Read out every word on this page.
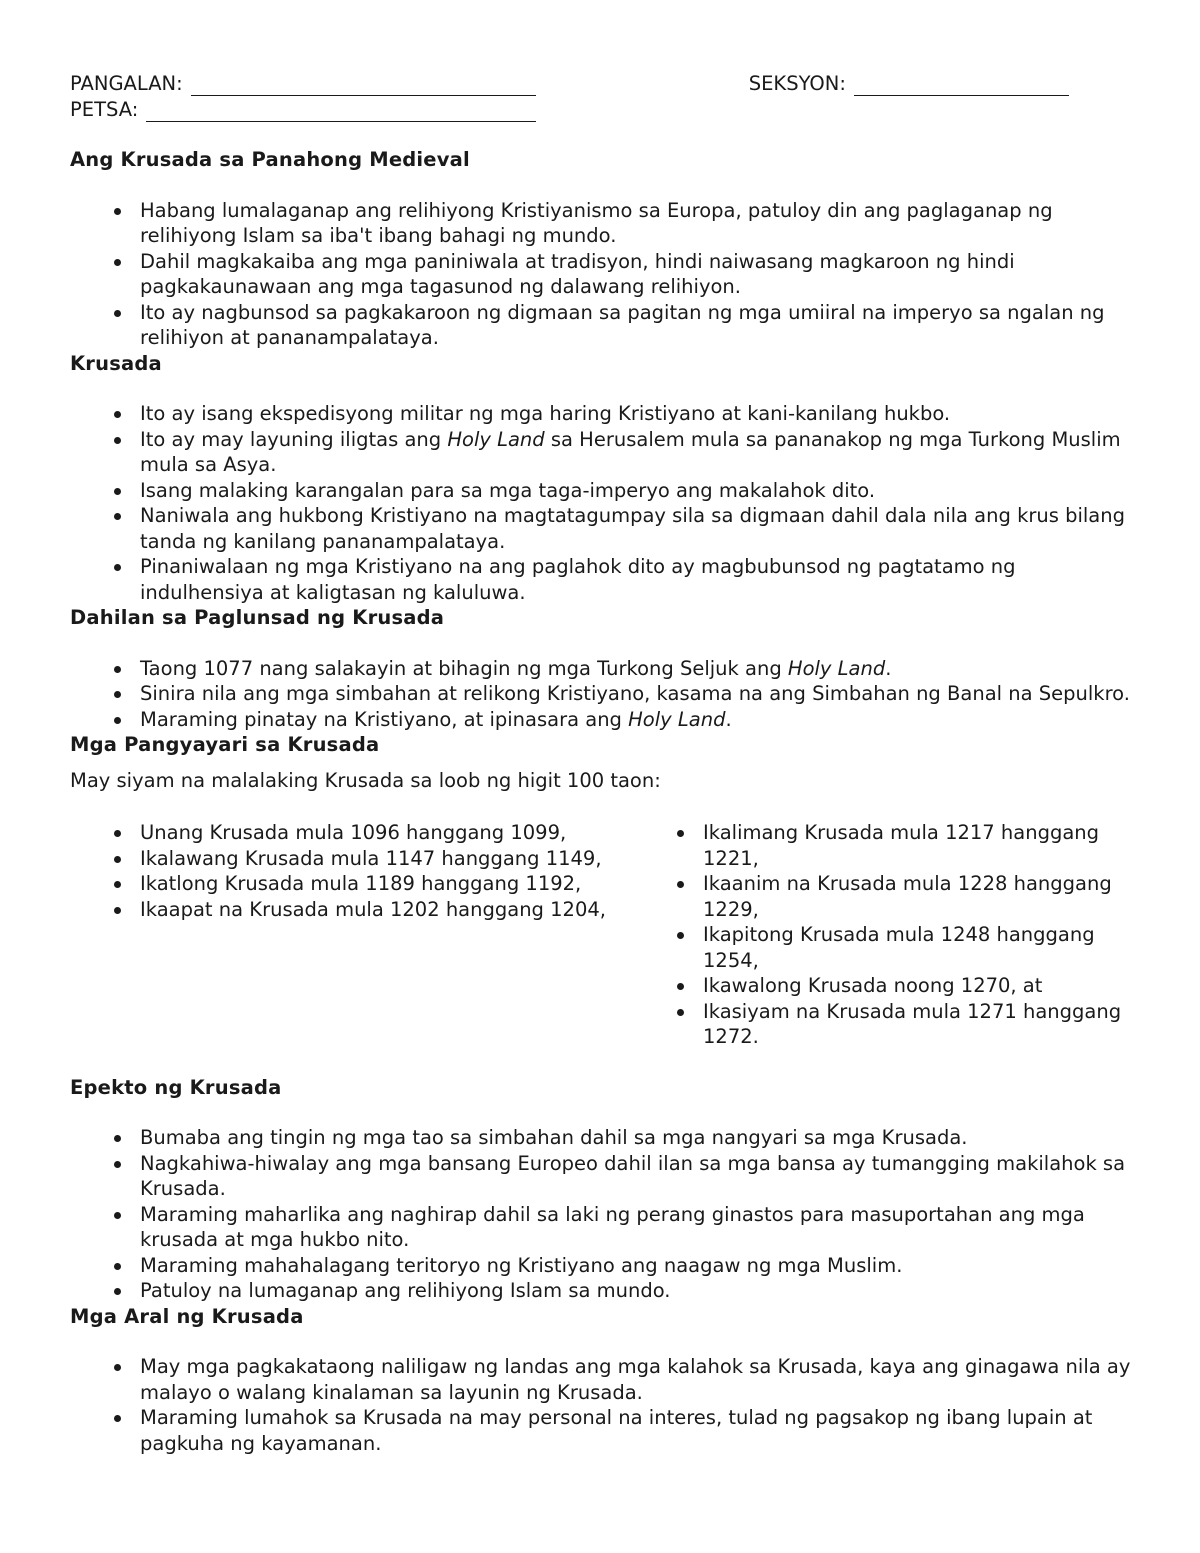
PANGALAN:	SEKSYON:
PETSA:
Ang Krusada sa Panahong Medieval
Habang lumalaganap ang relihiyong Kristiyanismo sa Europa, patuloy din ang paglaganap ng relihiyong Islam sa iba't ibang bahagi ng mundo.
Dahil magkakaiba ang mga paniniwala at tradisyon, hindi naiwasang magkaroon ng hindi pagkakaunawaan ang mga tagasunod ng dalawang relihiyon.
Ito ay nagbunsod sa pagkakaroon ng digmaan sa pagitan ng mga umiiral na imperyo sa ngalan ng relihiyon at pananampalataya.
Krusada
Ito ay isang ekspedisyong militar ng mga haring Kristiyano at kani-kanilang hukbo.
Ito ay may layuning iligtas ang Holy Land sa Herusalem mula sa pananakop ng mga Turkong Muslim mula sa Asya.
Isang malaking karangalan para sa mga taga-imperyo ang makalahok dito.
Naniwala ang hukbong Kristiyano na magtatagumpay sila sa digmaan dahil dala nila ang krus bilang tanda ng kanilang pananampalataya.
Pinaniwalaan ng mga Kristiyano na ang paglahok dito ay magbubunsod ng pagtatamo ng indulhensiya at kaligtasan ng kaluluwa.
Dahilan sa Paglunsad ng Krusada
Taong 1077 nang salakayin at bihagin ng mga Turkong Seljuk ang Holy Land.
Sinira nila ang mga simbahan at relikong Kristiyano, kasama na ang Simbahan ng Banal na Sepulkro.
Maraming pinatay na Kristiyano, at ipinasara ang Holy Land.
Mga Pangyayari sa Krusada
May siyam na malalaking Krusada sa loob ng higit 100 taon:
Unang Krusada mula 1096 hanggang 1099,
Ikalawang Krusada mula 1147 hanggang 1149,
Ikatlong Krusada mula 1189 hanggang 1192,
Ikaapat na Krusada mula 1202 hanggang 1204,
Ikalimang Krusada mula 1217 hanggang 1221,
Ikaanim na Krusada mula 1228 hanggang 1229,
Ikapitong Krusada mula 1248 hanggang 1254,
Ikawalong Krusada noong 1270, at
Ikasiyam na Krusada mula 1271 hanggang 1272.
Epekto ng Krusada
Bumaba ang tingin ng mga tao sa simbahan dahil sa mga nangyari sa mga Krusada.
Nagkahiwa-hiwalay ang mga bansang Europeo dahil ilan sa mga bansa ay tumangging makilahok sa Krusada.
Maraming maharlika ang naghirap dahil sa laki ng perang ginastos para masuportahan ang mga krusada at mga hukbo nito.
Maraming mahahalagang teritoryo ng Kristiyano ang naagaw ng mga Muslim.
Patuloy na lumaganap ang relihiyong Islam sa mundo.
Mga Aral ng Krusada
May mga pagkakataong naliligaw ng landas ang mga kalahok sa Krusada, kaya ang ginagawa nila ay malayo o walang kinalaman sa layunin ng Krusada.
Maraming lumahok sa Krusada na may personal na interes, tulad ng pagsakop ng ibang lupain at pagkuha ng kayamanan.
